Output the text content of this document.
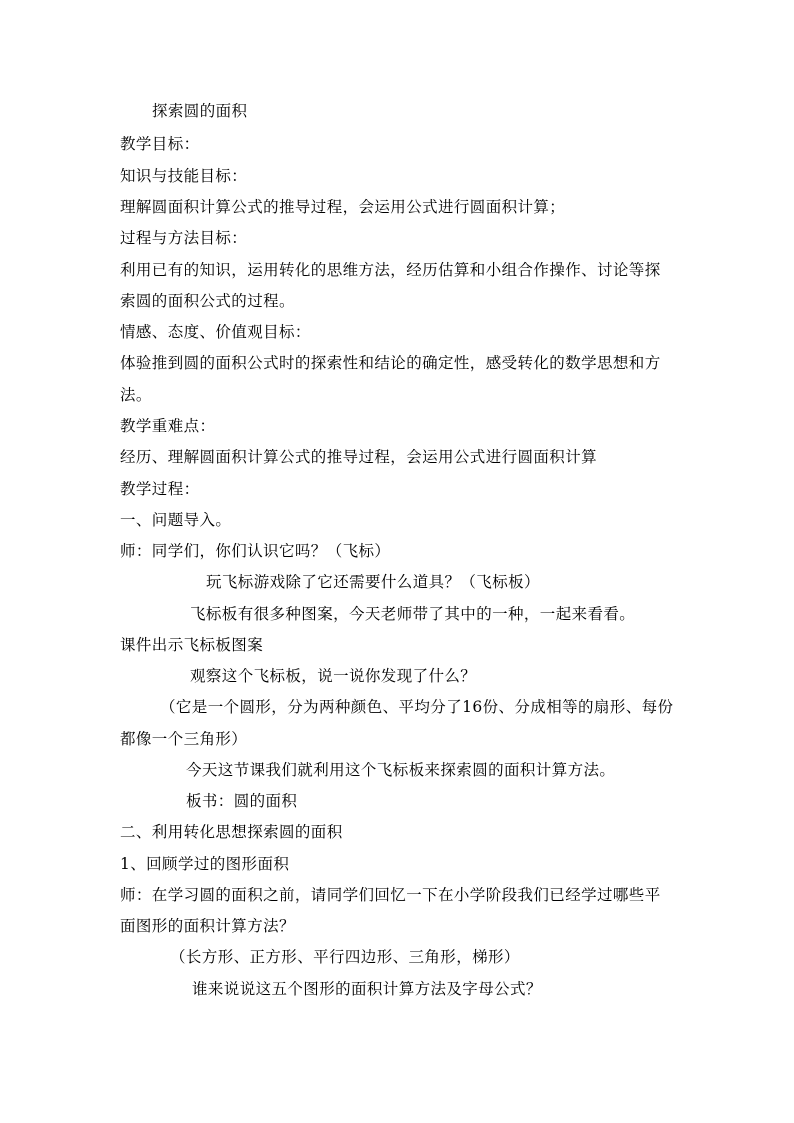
探索圆的面积
教学目标：
知识与技能目标：
理解圆面积计算公式的推导过程，会运用公式进行圆面积计算；
过程与方法目标：
利用已有的知识，运用转化的思维方法，经历估算和小组合作操作、讨论等探
索圆的面积公式的过程。
情感、态度、价值观目标：
体验推到圆的面积公式时的探索性和结论的确定性，感受转化的数学思想和方
法。
教学重难点：
经历、理解圆面积计算公式的推导过程，会运用公式进行圆面积计算
教学过程：
一、问题导入。
师：同学们，你们认识它吗？（飞标）
玩飞标游戏除了它还需要什么道具？（飞标板）
飞标板有很多种图案，今天老师带了其中的一种，一起来看看。
课件出示飞标板图案
观察这个飞标板，说一说你发现了什么？
（它是一个圆形，分为两种颜色、平均分了16份、分成相等的扇形、每份
都像一个三角形）
今天这节课我们就利用这个飞标板来探索圆的面积计算方法。
板书：圆的面积
二、利用转化思想探索圆的面积
1、回顾学过的图形面积
师：在学习圆的面积之前，请同学们回忆一下在小学阶段我们已经学过哪些平
面图形的面积计算方法？
（长方形、正方形、平行四边形、三角形，梯形）
谁来说说这五个图形的面积计算方法及字母公式？
